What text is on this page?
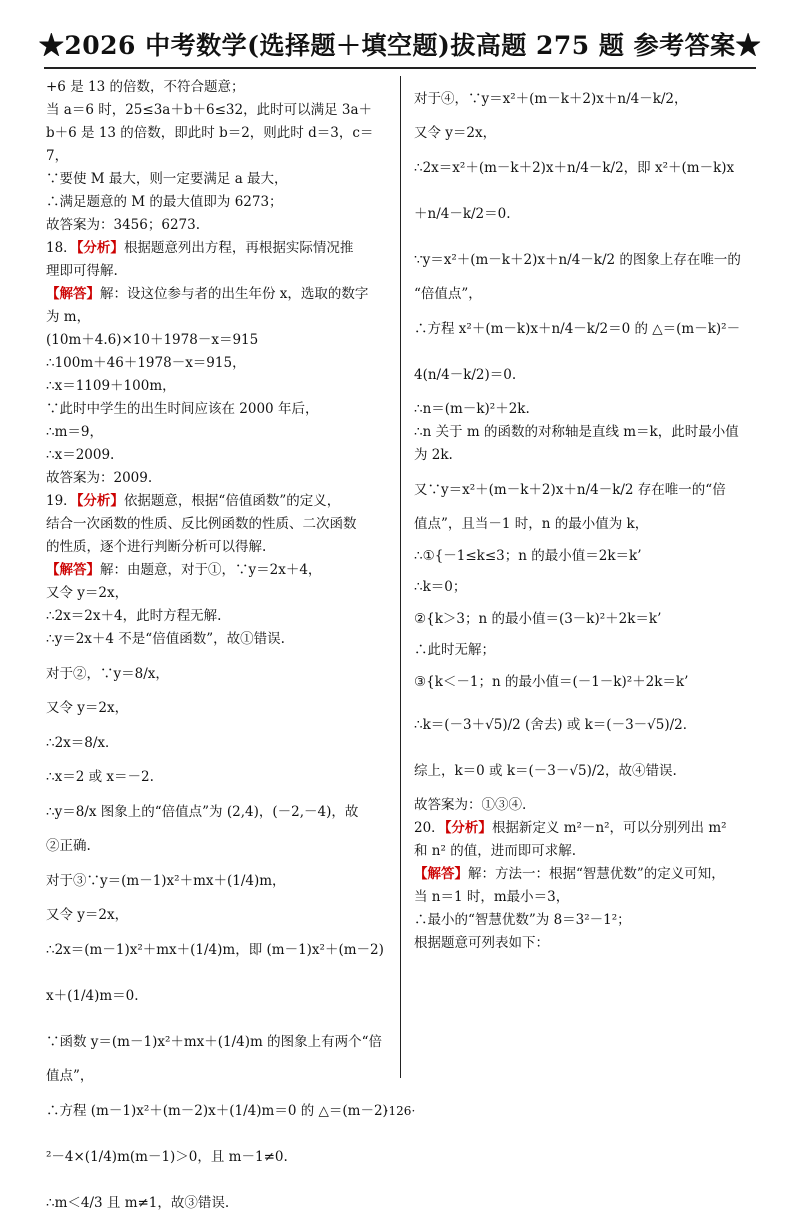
★2026 中考数学(选择题＋填空题)拔高题 275 题 参考答案★
+6 是 13 的倍数，不符合题意；
当 a＝6 时，25≤3a＋b＋6≤32，此时可以满足 3a＋
b＋6 是 13 的倍数，即此时 b＝2，则此时 d＝3，c＝
7，
∵要使 M 最大，则一定要满足 a 最大，
∴满足题意的 M 的最大值即为 6273；
故答案为：3456；6273.
18．【分析】根据题意列出方程，再根据实际情况推
理即可得解.
【解答】解：设这位参与者的出生年份 x，选取的数字
为 m，
(10m＋4.6)×10＋1978－x＝915
∴100m＋46＋1978－x＝915，
∴x＝1109＋100m，
∵此时中学生的出生时间应该在 2000 年后，
∴m＝9，
∴x＝2009.
故答案为：2009.
19．【分析】依据题意，根据“倍值函数”的定义，
结合一次函数的性质、反比例函数的性质、二次函数
的性质，逐个进行判断分析可以得解.
【解答】解：由题意，对于①，∵y＝2x＋4，
又令 y＝2x，
∴2x＝2x＋4，此时方程无解.
∴y＝2x＋4 不是“倍值函数”，故①错误.
对于②，∵y＝8/x，
又令 y＝2x，
∴2x＝8/x．
∴x＝2 或 x＝－2.
∴y＝8/x 图象上的“倍值点”为 (2,4)，(－2,－4)，故
②正确.
对于③∵y＝(m－1)x²＋mx＋(1/4)m，
又令 y＝2x，
∴2x＝(m－1)x²＋mx＋(1/4)m，即 (m－1)x²＋(m－2)
x＋(1/4)m＝0.
∵函数 y＝(m－1)x²＋mx＋(1/4)m 的图象上有两个“倍
值点”，
∴方程 (m－1)x²＋(m－2)x＋(1/4)m＝0 的 △＝(m－2)
²－4×(1/4)m(m－1)＞0，且 m－1≠0.
∴m＜4/3 且 m≠1，故③错误.
对于④，∵y＝x²＋(m－k＋2)x＋n/4－k/2，
又令 y＝2x，
∴2x＝x²＋(m－k＋2)x＋n/4－k/2，即 x²＋(m－k)x
＋n/4－k/2＝0.
∵y＝x²＋(m－k＋2)x＋n/4－k/2 的图象上存在唯一的
“倍值点”，
∴方程 x²＋(m－k)x＋n/4－k/2＝0 的 △＝(m－k)²－
4(n/4－k/2)＝0.
∴n＝(m－k)²＋2k.
∴n 关于 m 的函数的对称轴是直线 m＝k，此时最小值
为 2k.
又∵y＝x²＋(m－k＋2)x＋n/4－k/2 存在唯一的“倍
值点”，且当－1 时，n 的最小值为 k，
∴①{－1≤k≤3；n 的最小值＝2k＝k’
∴k＝0；
②{k＞3；n 的最小值＝(3－k)²＋2k＝k’
∴此时无解；
③{k＜－1；n 的最小值＝(－1－k)²＋2k＝k’
∴k＝(－3＋√5)/2 (舍去) 或 k＝(－3－√5)/2．
综上，k＝0 或 k＝(－3－√5)/2，故④错误.
故答案为：①③④.
20．【分析】根据新定义 m²－n²，可以分别列出 m²
和 n² 的值，进而即可求解.
【解答】解：方法一：根据“智慧优数”的定义可知，
当 n＝1 时，m最小＝3，
∴最小的“智慧优数”为 8＝3²－1²；
根据题意可列表如下：
·126·
